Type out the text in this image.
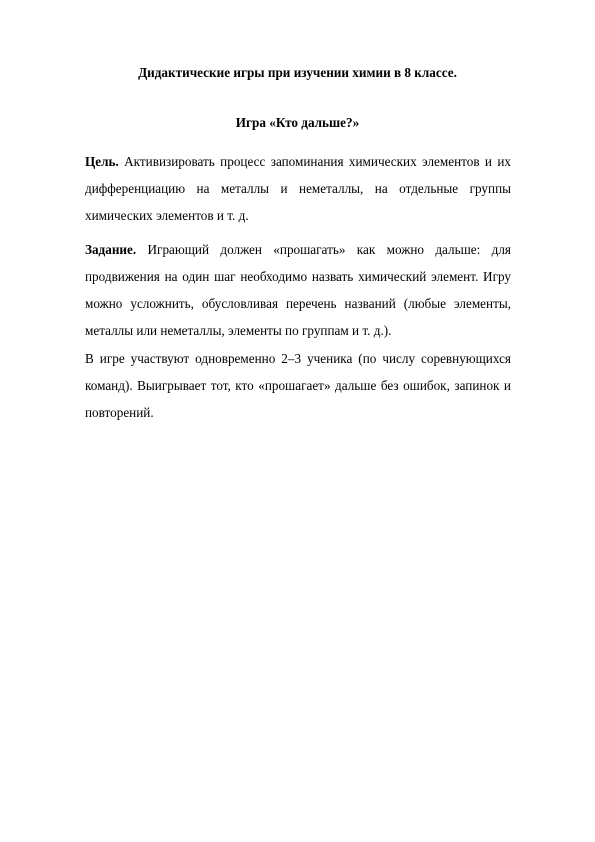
Дидактические игры при изучении химии в 8 классе.
Игра «Кто дальше?»

Цель. Активизировать процесс запоминания химических элементов и их дифференциацию на металлы и неметаллы, на отдельные группы химических элементов и т. д.

Задание. Играющий должен «прошагать» как можно дальше: для продвижения на один шаг необходимо назвать химический элемент. Игру можно усложнить, обусловливая перечень названий (любые элементы, металлы или неметаллы, элементы по группам и т. д.).

В игре участвуют одновременно 2–3 ученика (по числу соревнующихся команд). Выигрывает тот, кто «прошагает» дальше без ошибок, запинок и повторений.
